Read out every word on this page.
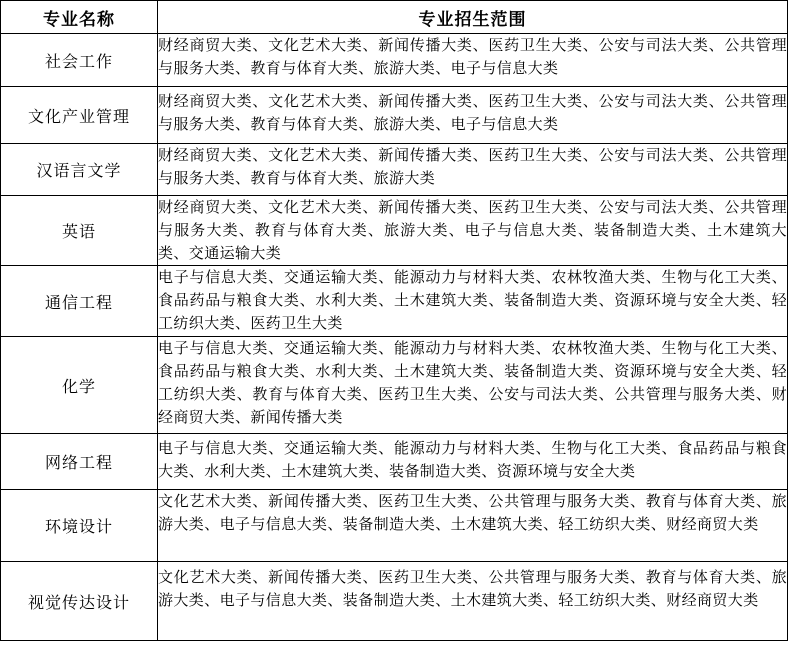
专业名称	专业招生范围
社会工作	财经商贸大类、文化艺术大类、新闻传播大类、医药卫生大类、公安与司法大类、公共管理与服务大类、教育与体育大类、旅游大类、电子与信息大类
文化产业管理	财经商贸大类、文化艺术大类、新闻传播大类、医药卫生大类、公安与司法大类、公共管理与服务大类、教育与体育大类、旅游大类、电子与信息大类
汉语言文学	财经商贸大类、文化艺术大类、新闻传播大类、医药卫生大类、公安与司法大类、公共管理与服务大类、教育与体育大类、旅游大类
英语	财经商贸大类、文化艺术大类、新闻传播大类、医药卫生大类、公安与司法大类、公共管理与服务大类、教育与体育大类、旅游大类、电子与信息大类、装备制造大类、土木建筑大类、交通运输大类
通信工程	电子与信息大类、交通运输大类、能源动力与材料大类、农林牧渔大类、生物与化工大类、食品药品与粮食大类、水利大类、土木建筑大类、装备制造大类、资源环境与安全大类、轻工纺织大类、医药卫生大类
化学	电子与信息大类、交通运输大类、能源动力与材料大类、农林牧渔大类、生物与化工大类、食品药品与粮食大类、水利大类、土木建筑大类、装备制造大类、资源环境与安全大类、轻工纺织大类、教育与体育大类、医药卫生大类、公安与司法大类、公共管理与服务大类、财经商贸大类、新闻传播大类
网络工程	电子与信息大类、交通运输大类、能源动力与材料大类、生物与化工大类、食品药品与粮食大类、水利大类、土木建筑大类、装备制造大类、资源环境与安全大类
环境设计	文化艺术大类、新闻传播大类、医药卫生大类、公共管理与服务大类、教育与体育大类、旅游大类、电子与信息大类、装备制造大类、土木建筑大类、轻工纺织大类、财经商贸大类
视觉传达设计	文化艺术大类、新闻传播大类、医药卫生大类、公共管理与服务大类、教育与体育大类、旅游大类、电子与信息大类、装备制造大类、土木建筑大类、轻工纺织大类、财经商贸大类
